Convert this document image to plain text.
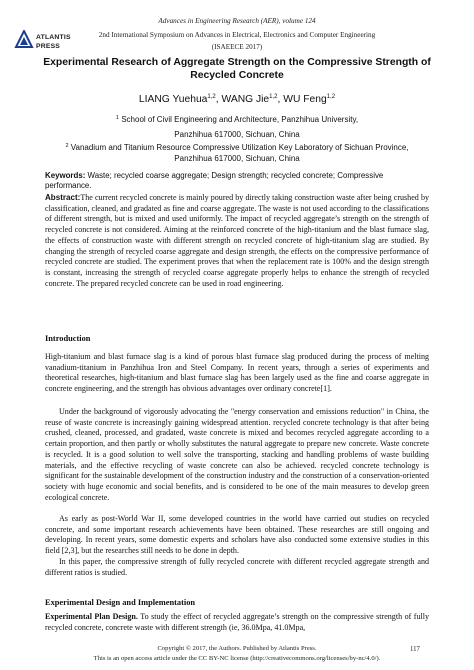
ATLANTIS
PRESS
Advances in Engineering Research (AER), volume 124
2nd International Symposium on Advances in Electrical, Electronics and Computer Engineering
(ISAEECE 2017)
Experimental Research of Aggregate Strength on the Compressive Strength of Recycled Concrete
LIANG Yuehua$^{1,2}$, WANG Jie$^{1,2}$, WU Feng$^{1,2}$
$^1$ School of Civil Engineering and Architecture, Panzhihua University,
Panzhihua 617000, Sichuan, China
$^2$ Vanadium and Titanium Resource Compressive Utilization Key Laboratory of Sichuan Province,
Panzhihua 617000, Sichuan, China
Keywords: Waste; recycled coarse aggregate; Design strength; recycled concrete; Compressive performance.
Abstract:The current recycled concrete is mainly poured by directly taking construction waste after being crushed by classification, cleaned, and gradated as fine and coarse aggregate. The waste is not used according to the classifications of different strength, but is mixed and used uniformly. The impact of recycled aggregate’s strength on the strength of recycled concrete is not considered. Aiming at the reinforced concrete of the high-titanium and the blast furnace slag, the effects of construction waste with different strength on recycled concrete of high-titanium slag are studied. By changing the strength of recycled coarse aggregate and design strength, the effects on the compressive performance of recycled concrete are studied. The experiment proves that when the replacement rate is 100% and the design strength is constant, increasing the strength of recycled coarse aggregate properly helps to enhance the strength of recycled concrete. The prepared recycled concrete can be used in road engineering.
Introduction
High-titanium and blast furnace slag is a kind of porous blast furnace slag produced during the process of melting vanadium-titanium in Panzhihua Iron and Steel Company. In recent years, through a series of experiments and theoretical researches, high-titanium and blast furnace slag has been largely used as the fine and coarse aggregate in concrete engineering, and the strength has obvious advantages over ordinary concrete[1].
Under the background of vigorously advocating the "energy conservation and emissions reduction" in China, the reuse of waste concrete is increasingly gaining widespread attention. recycled concrete technology is that after being crushed, cleaned, processed, and gradated, waste concrete is mixed and becomes recycled aggregate according to a certain proportion, and then partly or wholly substitutes the natural aggregate to prepare new concrete. Waste concrete is recycled. It is a good solution to well solve the transporting, stacking and handling problems of waste building materials, and the effective recycling of waste concrete can also be achieved. recycled concrete technology is significant for the sustainable development of the construction industry and the construction of a conservation-oriented society with huge economic and social benefits, and is considered to be one of the main measures to develop green ecological concrete.
As early as post-World War II, some developed countries in the world have carried out studies on recycled concrete, and some important research achievements have been obtained. These researches are still ongoing and developing. In recent years, some domestic experts and scholars have also conducted some extensive studies in this field [2,3], but the researches still needs to be done in depth.
In this paper, the compressive strength of fully recycled concrete with different recycled aggregate strength and different ratios is studied.
Experimental Design and Implementation
Experimental Plan Design. To study the effect of recycled aggregate’s strength on the compressive strength of fully recycled concrete, concrete waste with different strength (ie, 36.0Mpa, 41.0Mpa,
Copyright © 2017, the Authors. Published by Atlantis Press.	117
This is an open access article under the CC BY-NC license (http://creativecommons.org/licenses/by-nc/4.0/).
